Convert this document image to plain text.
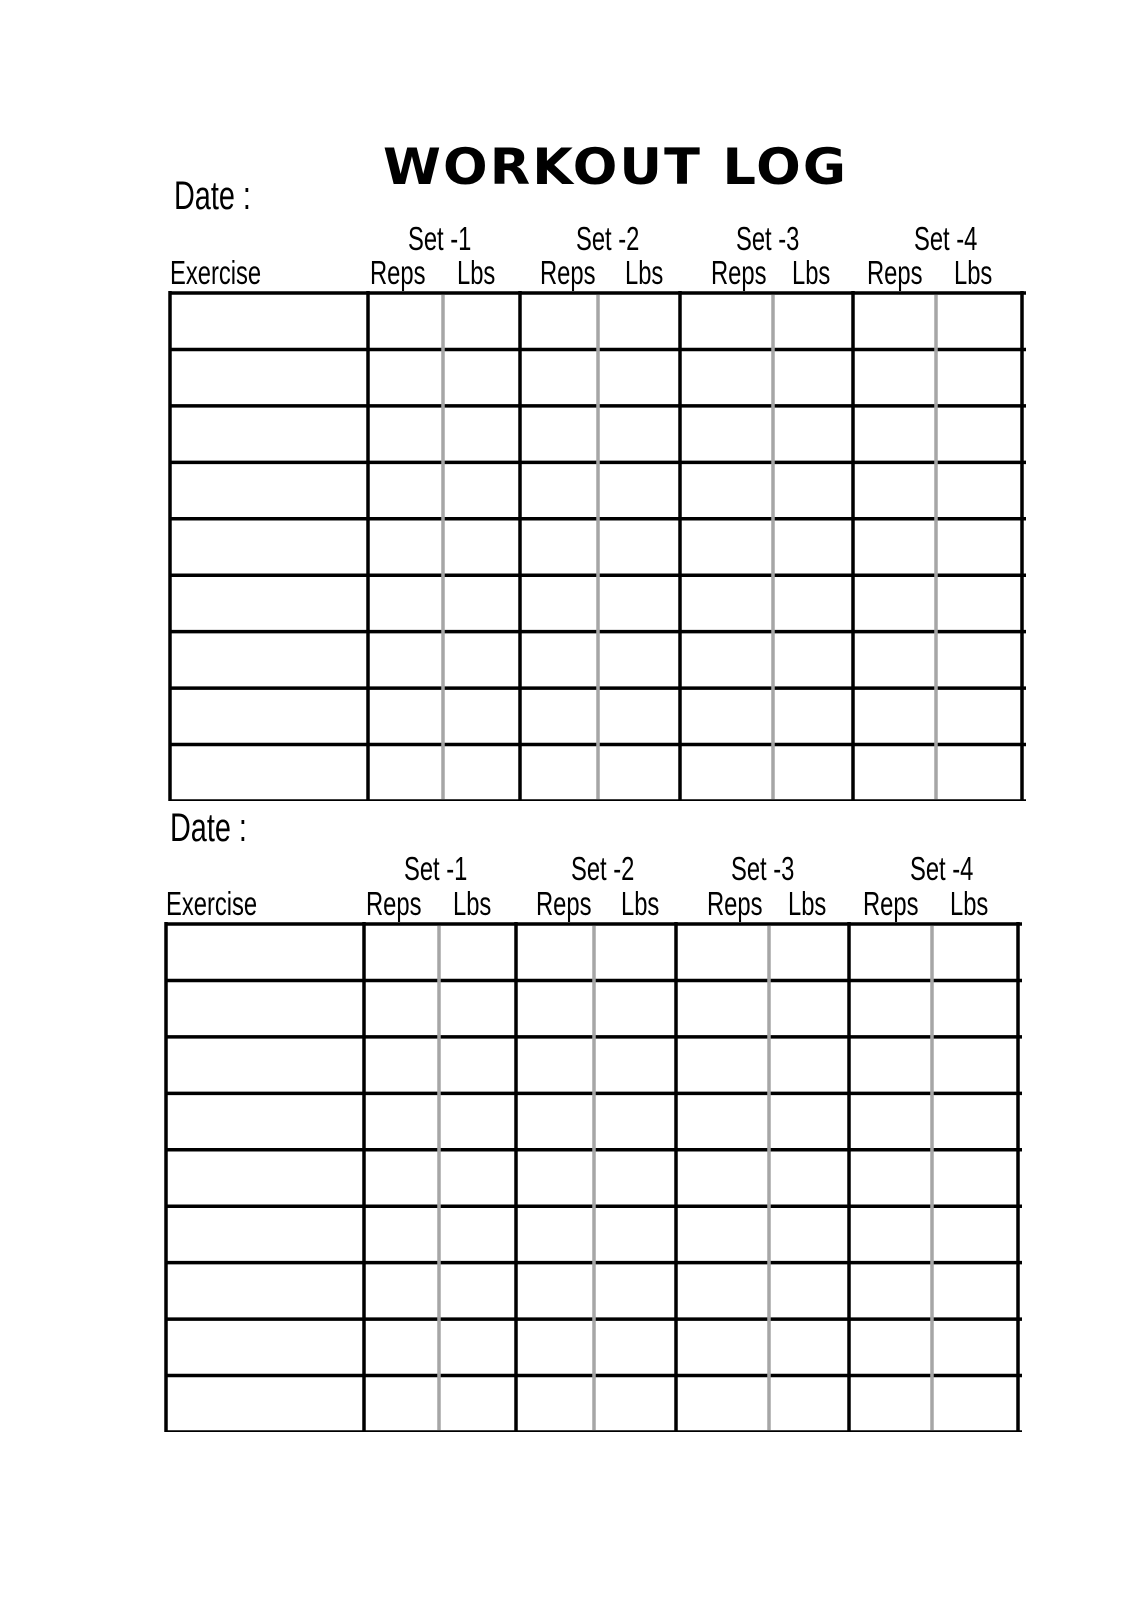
WORKOUT LOG
Date :
Set -1	Set -2	Set -3	Set -4
Exercise	Reps Lbs Reps Lbs Reps Lbs Reps Lbs
Date :
Set -1	Set -2	Set -3	Set -4
Exercise	Reps Lbs Reps Lbs Reps Lbs Reps Lbs
